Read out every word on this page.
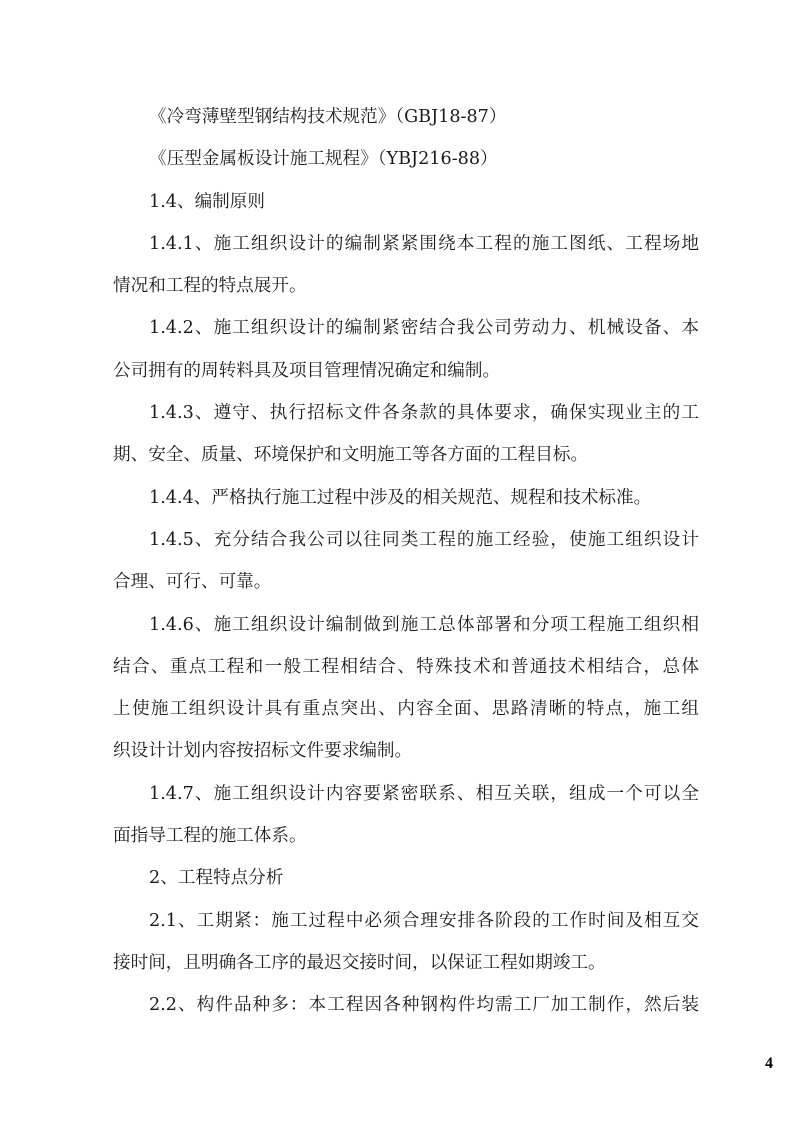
《冷弯薄壁型钢结构技术规范》（GBJ18-87）
《压型金属板设计施工规程》（YBJ216-88）
1.4、编制原则
1.4.1、施工组织设计的编制紧紧围绕本工程的施工图纸、工程场地
情况和工程的特点展开。
1.4.2、施工组织设计的编制紧密结合我公司劳动力、机械设备、本
公司拥有的周转料具及项目管理情况确定和编制。
1.4.3、遵守、执行招标文件各条款的具体要求，确保实现业主的工
期、安全、质量、环境保护和文明施工等各方面的工程目标。
1.4.4、严格执行施工过程中涉及的相关规范、规程和技术标准。
1.4.5、充分结合我公司以往同类工程的施工经验，使施工组织设计
合理、可行、可靠。
1.4.6、施工组织设计编制做到施工总体部署和分项工程施工组织相
结合、重点工程和一般工程相结合、特殊技术和普通技术相结合，总体
上使施工组织设计具有重点突出、内容全面、思路清晰的特点，施工组
织设计计划内容按招标文件要求编制。
1.4.7、施工组织设计内容要紧密联系、相互关联，组成一个可以全
面指导工程的施工体系。
2、工程特点分析
2.1、工期紧：施工过程中必须合理安排各阶段的工作时间及相互交
接时间，且明确各工序的最迟交接时间，以保证工程如期竣工。
2.2、构件品种多：本工程因各种钢构件均需工厂加工制作，然后装
4
